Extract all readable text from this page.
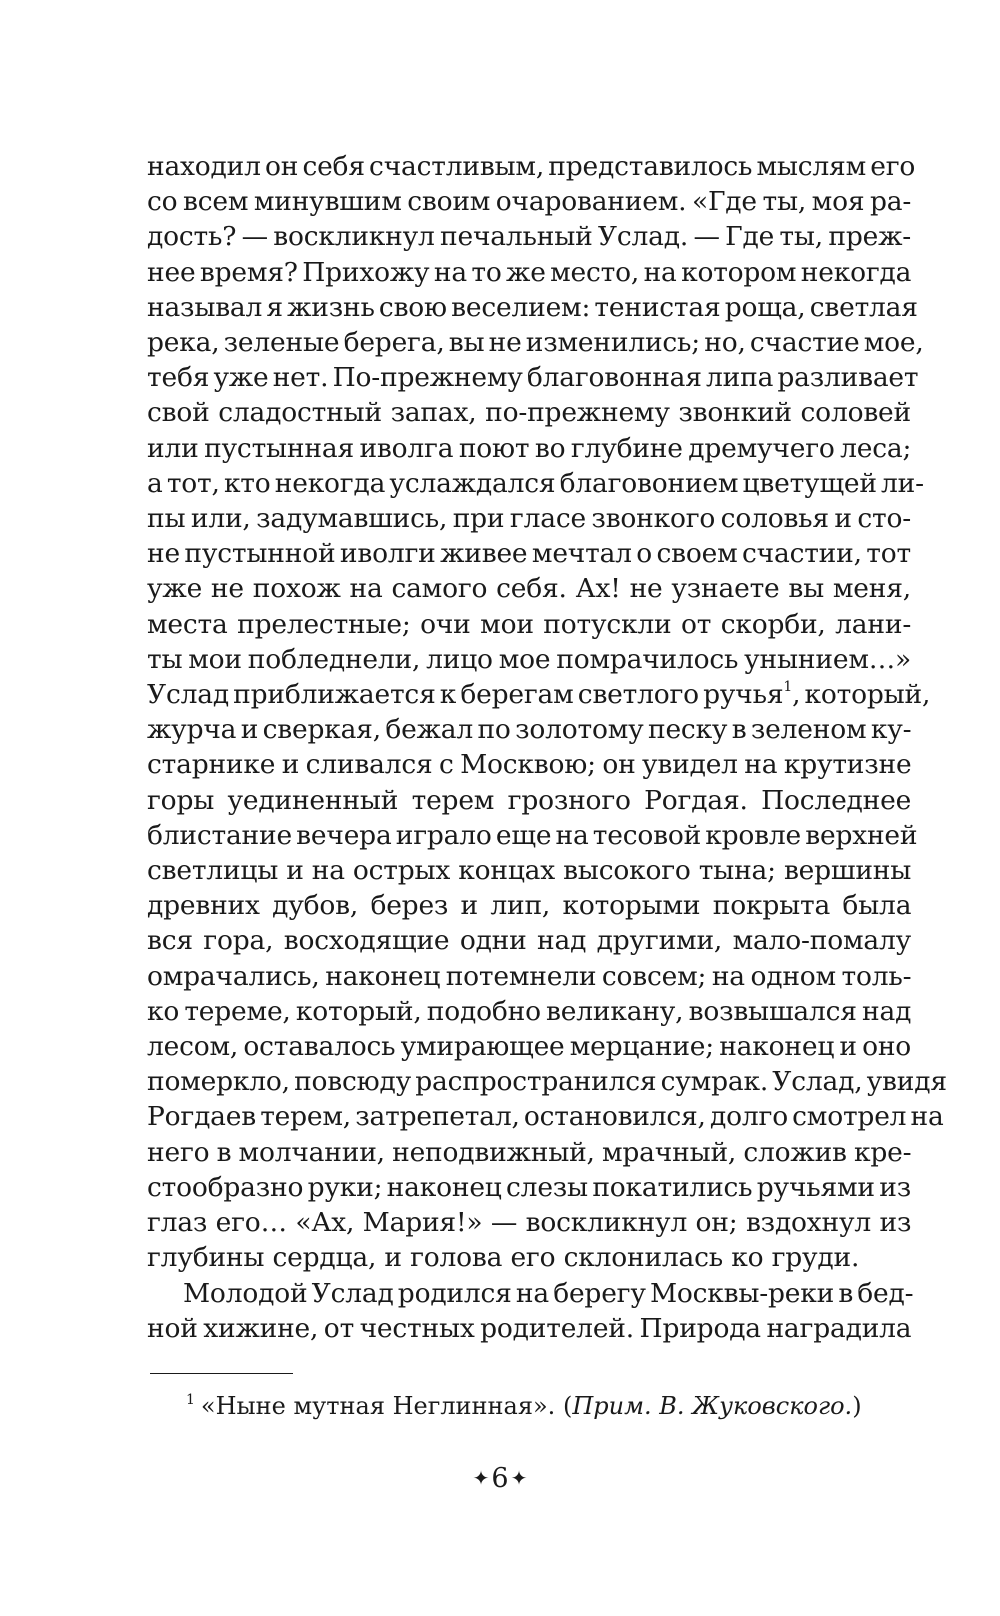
находил он себя счастливым, представилось мыслям его
со всем минувшим своим очарованием. «Где ты, моя ра-
дость? — воскликнул печальный Услад. — Где ты, преж-
нее время? Прихожу на то же место, на котором некогда
называл я жизнь свою веселием: тенистая роща, светлая
река, зеленые берега, вы не изменились; но, счастие мое,
тебя уже нет. По-прежнему благовонная липа разливает
свой сладостный запах, по-прежнему звонкий соловей
или пустынная иволга поют во глубине дремучего леса;
а тот, кто некогда услаждался благовонием цветущей ли-
пы или, задумавшись, при гласе звонкого соловья и сто-
не пустынной иволги живее мечтал о своем счастии, тот
уже не похож на самого себя. Ах! не узнаете вы меня,
места прелестные; очи мои потускли от скорби, лани-
ты мои побледнели, лицо мое помрачилось унынием…»
Услад приближается к берегам светлого ручья$^1$, который,
журча и сверкая, бежал по золотому песку в зеленом ку-
старнике и сливался с Москвою; он увидел на крутизне
горы уединенный терем грозного Рогдая. Последнее
блистание вечера играло еще на тесовой кровле верхней
светлицы и на острых концах высокого тына; вершины
древних дубов, берез и лип, которыми покрыта была
вся гора, восходящие одни над другими, мало-помалу
омрачались, наконец потемнели совсем; на одном толь-
ко тереме, который, подобно великану, возвышался над
лесом, оставалось умирающее мерцание; наконец и оно
померкло, повсюду распространился сумрак. Услад, увидя
Рогдаев терем, затрепетал, остановился, долго смотрел на
него в молчании, неподвижный, мрачный, сложив кре-
стообразно руки; наконец слезы покатились ручьями из
глаз его… «Ах, Мария!» — воскликнул он; вздохнул из
глубины сердца, и голова его склонилась ко груди.
Молодой Услад родился на берегу Москвы-реки в бед-
ной хижине, от честных родителей. Природа наградила

$^1$ «Ныне мутная Неглинная». (Прим. В. Жуковского.)

✦6 ✦
